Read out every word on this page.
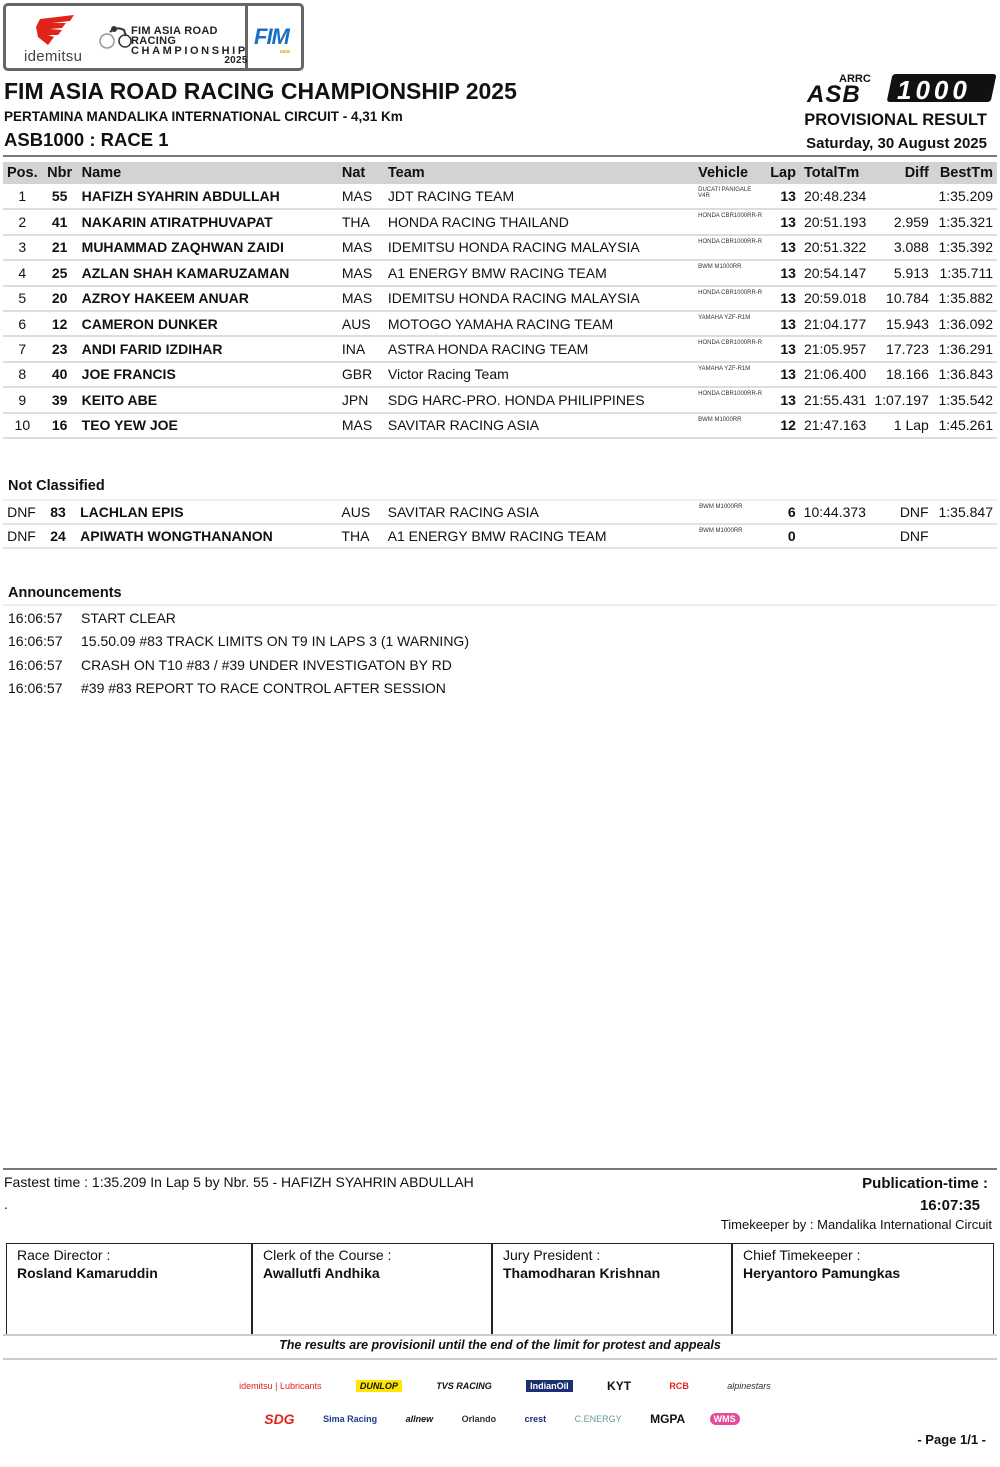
idemitsu
FIM ASIA ROAD RACING
CHAMPIONSHIP
2025
FIM
asia
FIM ASIA ROAD RACING CHAMPIONSHIP 2025
PERTAMINA MANDALIKA INTERNATIONAL CIRCUIT - 4,31 Km
ASB1000 : RACE 1
ARRC
ASB 1000
PROVISIONAL RESULT
Saturday, 30 August 2025
Pos.	Nbr	Name	Nat	Team	Vehicle	Lap	TotalTm	Diff	BestTm
1	55	HAFIZH SYAHRIN ABDULLAH	MAS	JDT RACING TEAM	DUCATI PANIGALE V4R	13	20:48.234		1:35.209
2	41	NAKARIN ATIRATPHUVAPAT	THA	HONDA RACING THAILAND	HONDA CBR1000RR-R	13	20:51.193	2.959	1:35.321
3	21	MUHAMMAD ZAQHWAN ZAIDI	MAS	IDEMITSU HONDA RACING MALAYSIA	HONDA CBR1000RR-R	13	20:51.322	3.088	1:35.392
4	25	AZLAN SHAH KAMARUZAMAN	MAS	A1 ENERGY BMW RACING TEAM	BWM M1000RR	13	20:54.147	5.913	1:35.711
5	20	AZROY HAKEEM ANUAR	MAS	IDEMITSU HONDA RACING MALAYSIA	HONDA CBR1000RR-R	13	20:59.018	10.784	1:35.882
6	12	CAMERON DUNKER	AUS	MOTOGO YAMAHA RACING TEAM	YAMAHA YZF-R1M	13	21:04.177	15.943	1:36.092
7	23	ANDI FARID IZDIHAR	INA	ASTRA HONDA RACING TEAM	HONDA CBR1000RR-R	13	21:05.957	17.723	1:36.291
8	40	JOE FRANCIS	GBR	Victor Racing Team	YAMAHA YZF-R1M	13	21:06.400	18.166	1:36.843
9	39	KEITO ABE	JPN	SDG HARC-PRO. HONDA PHILIPPINES	HONDA CBR1000RR-R	13	21:55.431	1:07.197	1:35.542
10	16	TEO YEW JOE	MAS	SAVITAR RACING ASIA	BWM M1000RR	12	21:47.163	1 Lap	1:45.261
Not Classified
DNF	83	LACHLAN EPIS	AUS	SAVITAR RACING ASIA	BWM M1000RR	6	10:44.373	DNF	1:35.847
DNF	24	APIWATH WONGTHANANON	THA	A1 ENERGY BMW RACING TEAM	BWM M1000RR	0		DNF	
Announcements
16:06:57	START CLEAR
16:06:57	15.50.09 #83 TRACK LIMITS ON T9 IN LAPS 3 (1 WARNING)
16:06:57	CRASH ON T10 #83 / #39 UNDER INVESTIGATON BY RD
16:06:57	#39 #83 REPORT TO RACE CONTROL AFTER SESSION
Fastest time : 1:35.209 In Lap 5 by Nbr. 55 - HAFIZH SYAHRIN ABDULLAH
.
Publication-time :
16:07:35
Timekeeper by : Mandalika International Circuit
Race Director :
Rosland Kamaruddin
Clerk of the Course :
Awallutfi Andhika
Jury President :
Thamodharan Krishnan
Chief Timekeeper :
Heryantoro Pamungkas
The results are provisionil until the end of the limit for protest and appeals
idemitsu | Lubricants	DUNLOP	TVS RACING	IndianOil	KYT	RCB	alpinestars
SDG	Sima Racing	allnew	Orlando	crest	C.ENERGY	MGPA	WMS
- Page 1/1 -
